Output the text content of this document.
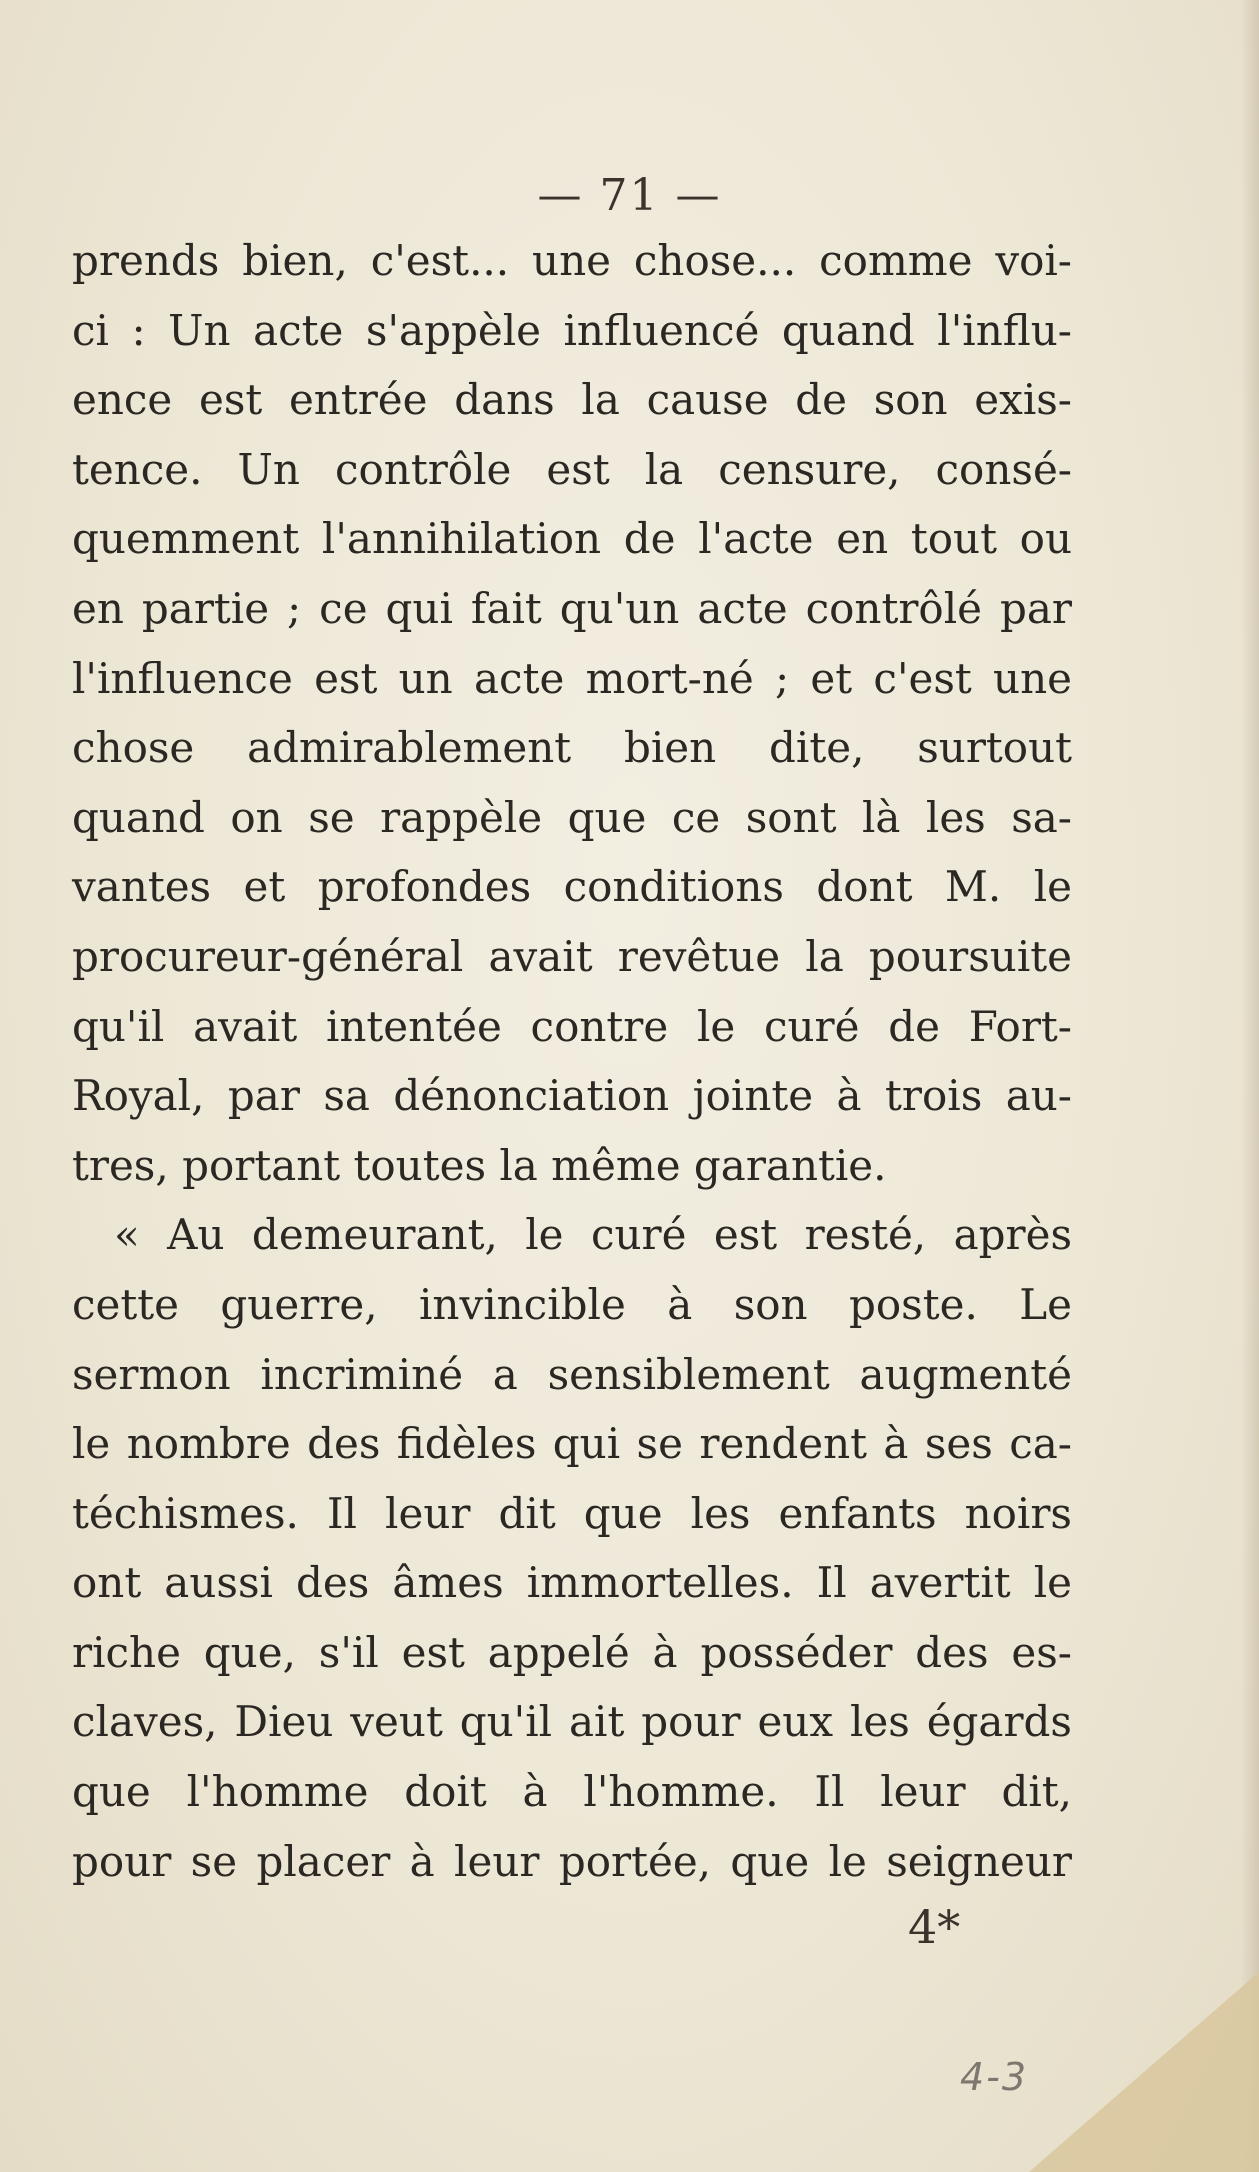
— 71 —
prends bien, c'est... une chose... comme voi-
ci : Un acte s'appèle influencé quand l'influ-
ence est entrée dans la cause de son exis-
tence. Un contrôle est la censure, consé-
quemment l'annihilation de l'acte en tout ou
en partie ; ce qui fait qu'un acte contrôlé par
l'influence est un acte mort-né ; et c'est une
chose admirablement bien dite, surtout
quand on se rappèle que ce sont là les sa-
vantes et profondes conditions dont M. le
procureur-général avait revêtue la poursuite
qu'il avait intentée contre le curé de Fort-
Royal, par sa dénonciation jointe à trois au-
tres, portant toutes la même garantie.
« Au demeurant, le curé est resté, après
cette guerre, invincible à son poste. Le
sermon incriminé a sensiblement augmenté
le nombre des fidèles qui se rendent à ses ca-
téchismes. Il leur dit que les enfants noirs
ont aussi des âmes immortelles. Il avertit le
riche que, s'il est appelé à posséder des es-
claves, Dieu veut qu'il ait pour eux les égards
que l'homme doit à l'homme. Il leur dit,
pour se placer à leur portée, que le seigneur
4*
4-3
